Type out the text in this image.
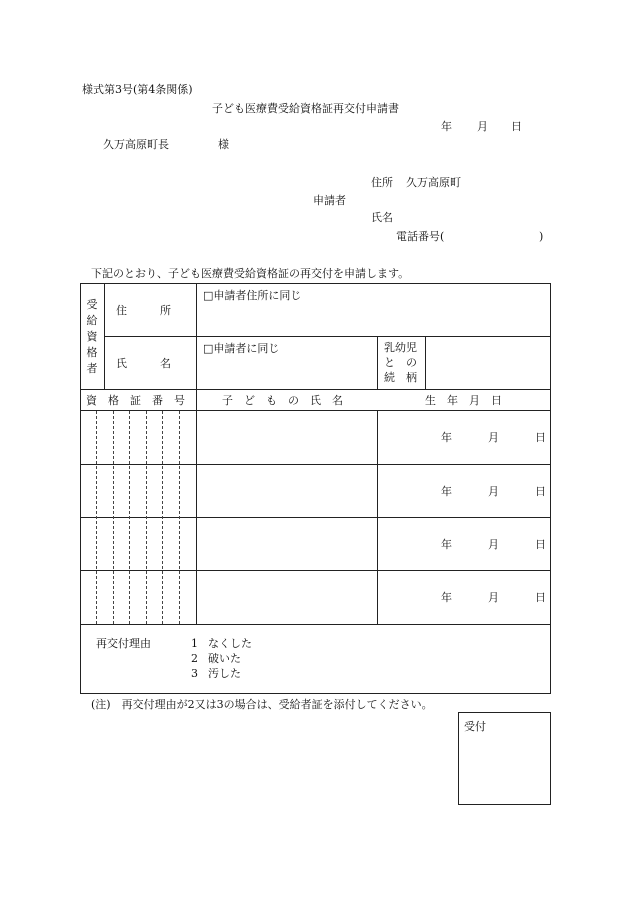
様式第3号(第4条関係)
子ども医療費受給資格証再交付申請書
年 月 日
久万高原町長	様
住所 久万高原町
申請者
氏名
電話番号(	)
下記のとおり、子ども医療費受給資格証の再交付を申請します。
受給資格者
住　　　所
□申請者住所に同じ
氏　　　名
□申請者に同じ	乳幼児
と　の
続　柄
資　格　証　番　号	子　ど　も　の　氏　名	生　年　月　日
年	月	日
年	月	日
年	月	日
年	月	日
再交付理由	1 なくした
2 破いた
3 汚した
(注)　再交付理由が2又は3の場合は、受給者証を添付してください。
受付
